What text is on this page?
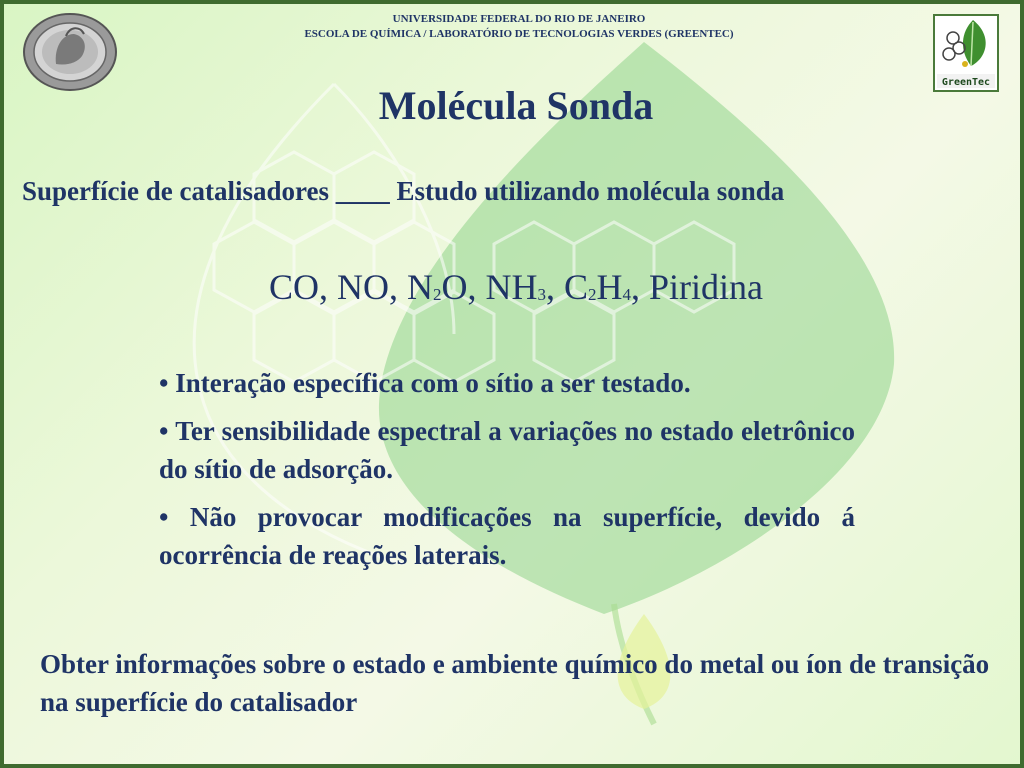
UNIVERSIDADE FEDERAL DO RIO DE JANEIRO
ESCOLA DE QUÍMICA / LABORATÓRIO DE TECNOLOGIAS VERDES (GREENTEC)
GreenTec
Molécula Sonda
Superfície de catalisadores ____ Estudo utilizando molécula sonda
CO, NO, N2O, NH3, C2H4, Piridina

• Interação específica com o sítio a ser testado.

• Ter sensibilidade espectral a variações no estado eletrônico do sítio de adsorção.

• Não provocar modificações na superfície, devido á ocorrência de reações laterais.

Obter informações sobre o estado e ambiente químico do metal ou íon de transição na superfície do catalisador
